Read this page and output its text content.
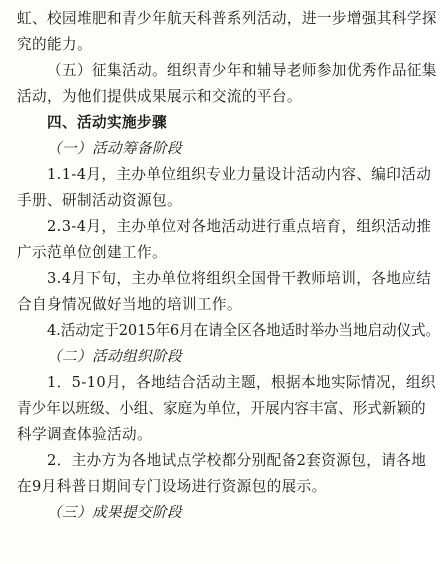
虹、校园堆肥和青少年航天科普系列活动，进一步增强其科学探
究的能力。
（五）征集活动。组织青少年和辅导老师参加优秀作品征集
活动，为他们提供成果展示和交流的平台。
四、活动实施步骤
（一）活动筹备阶段
1.1-4月，主办单位组织专业力量设计活动内容、编印活动
手册、研制活动资源包。
2.3-4月，主办单位对各地活动进行重点培育，组织活动推
广示范单位创建工作。
3.4月下旬，主办单位将组织全国骨干教师培训，各地应结
合自身情况做好当地的培训工作。
4.活动定于2015年6月在请全区各地适时举办当地启动仪式。
（二）活动组织阶段
1．5-10月，各地结合活动主题，根据本地实际情况，组织
青少年以班级、小组、家庭为单位，开展内容丰富、形式新颖的
科学调查体验活动。
2．主办方为各地试点学校都分别配备2套资源包，请各地
在9月科普日期间专门设场进行资源包的展示。
（三）成果提交阶段
